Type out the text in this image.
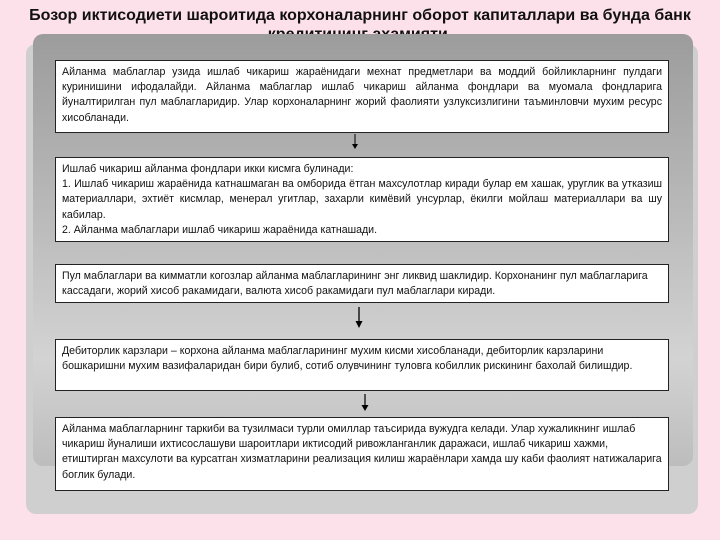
Бозор иктисодиети шароитида корхоналарнинг оборот капиталлари ва бунда банк
Айланма маблаглар узида ишлаб чикариш жараёнидаги мехнат предметлари ва моддий бойликларнинг пулдаги куринишини ифодалайди. Айланма маблаглар ишлаб чикариш айланма фондлари ва муомала фондларига йуналтирилган пул маблагларидир. Улар корхоналарнинг жорий фаолияти узлуксизлигини таъминловчи мухим ресурс хисобланади.
Ишлаб чикариш айланма фондлари икки кисмга булинади:
1. Ишлаб чикариш жараёнида катнашмаган ва омборида ётган махсулотлар киради булар ем хашак, уруглик ва утказиш материаллари, эхтиёт кисмлар, менерал угитлар, захарли кимёвий унсурлар, ёкилги мойлаш материаллари ва шу кабилар.
2. Айланма маблаглари ишлаб чикариш жараёнида катнашади.
Пул маблаглари ва кимматли когозлар айланма маблагларининг энг ликвид шаклидир. Корхонанинг пул маблагларига кассадаги, жорий хисоб ракамидаги, валюта хисоб ракамидаги пул маблаглари киради.
Дебиторлик карзлари – корхона айланма маблагларининг мухим кисми хисобланади, дебиторлик карзларини бошкаришни мухим вазифаларидан бири булиб, сотиб олувчининг туловга кобиллик рискининг бахолай билишдир.
Айланма маблагларнинг таркиби ва тузилмаси турли омиллар таъсирида вужудга келади. Улар хужаликнинг ишлаб чикариш йуналиши ихтисослашуви шароитлари иктисодий ривожланганлик даражаси, ишлаб чикариш хажми, етиштирган махсулоти ва курсатган хизматларини реализация килиш жараёнлари хамда шу каби фаолият натижаларига боглик булади.
